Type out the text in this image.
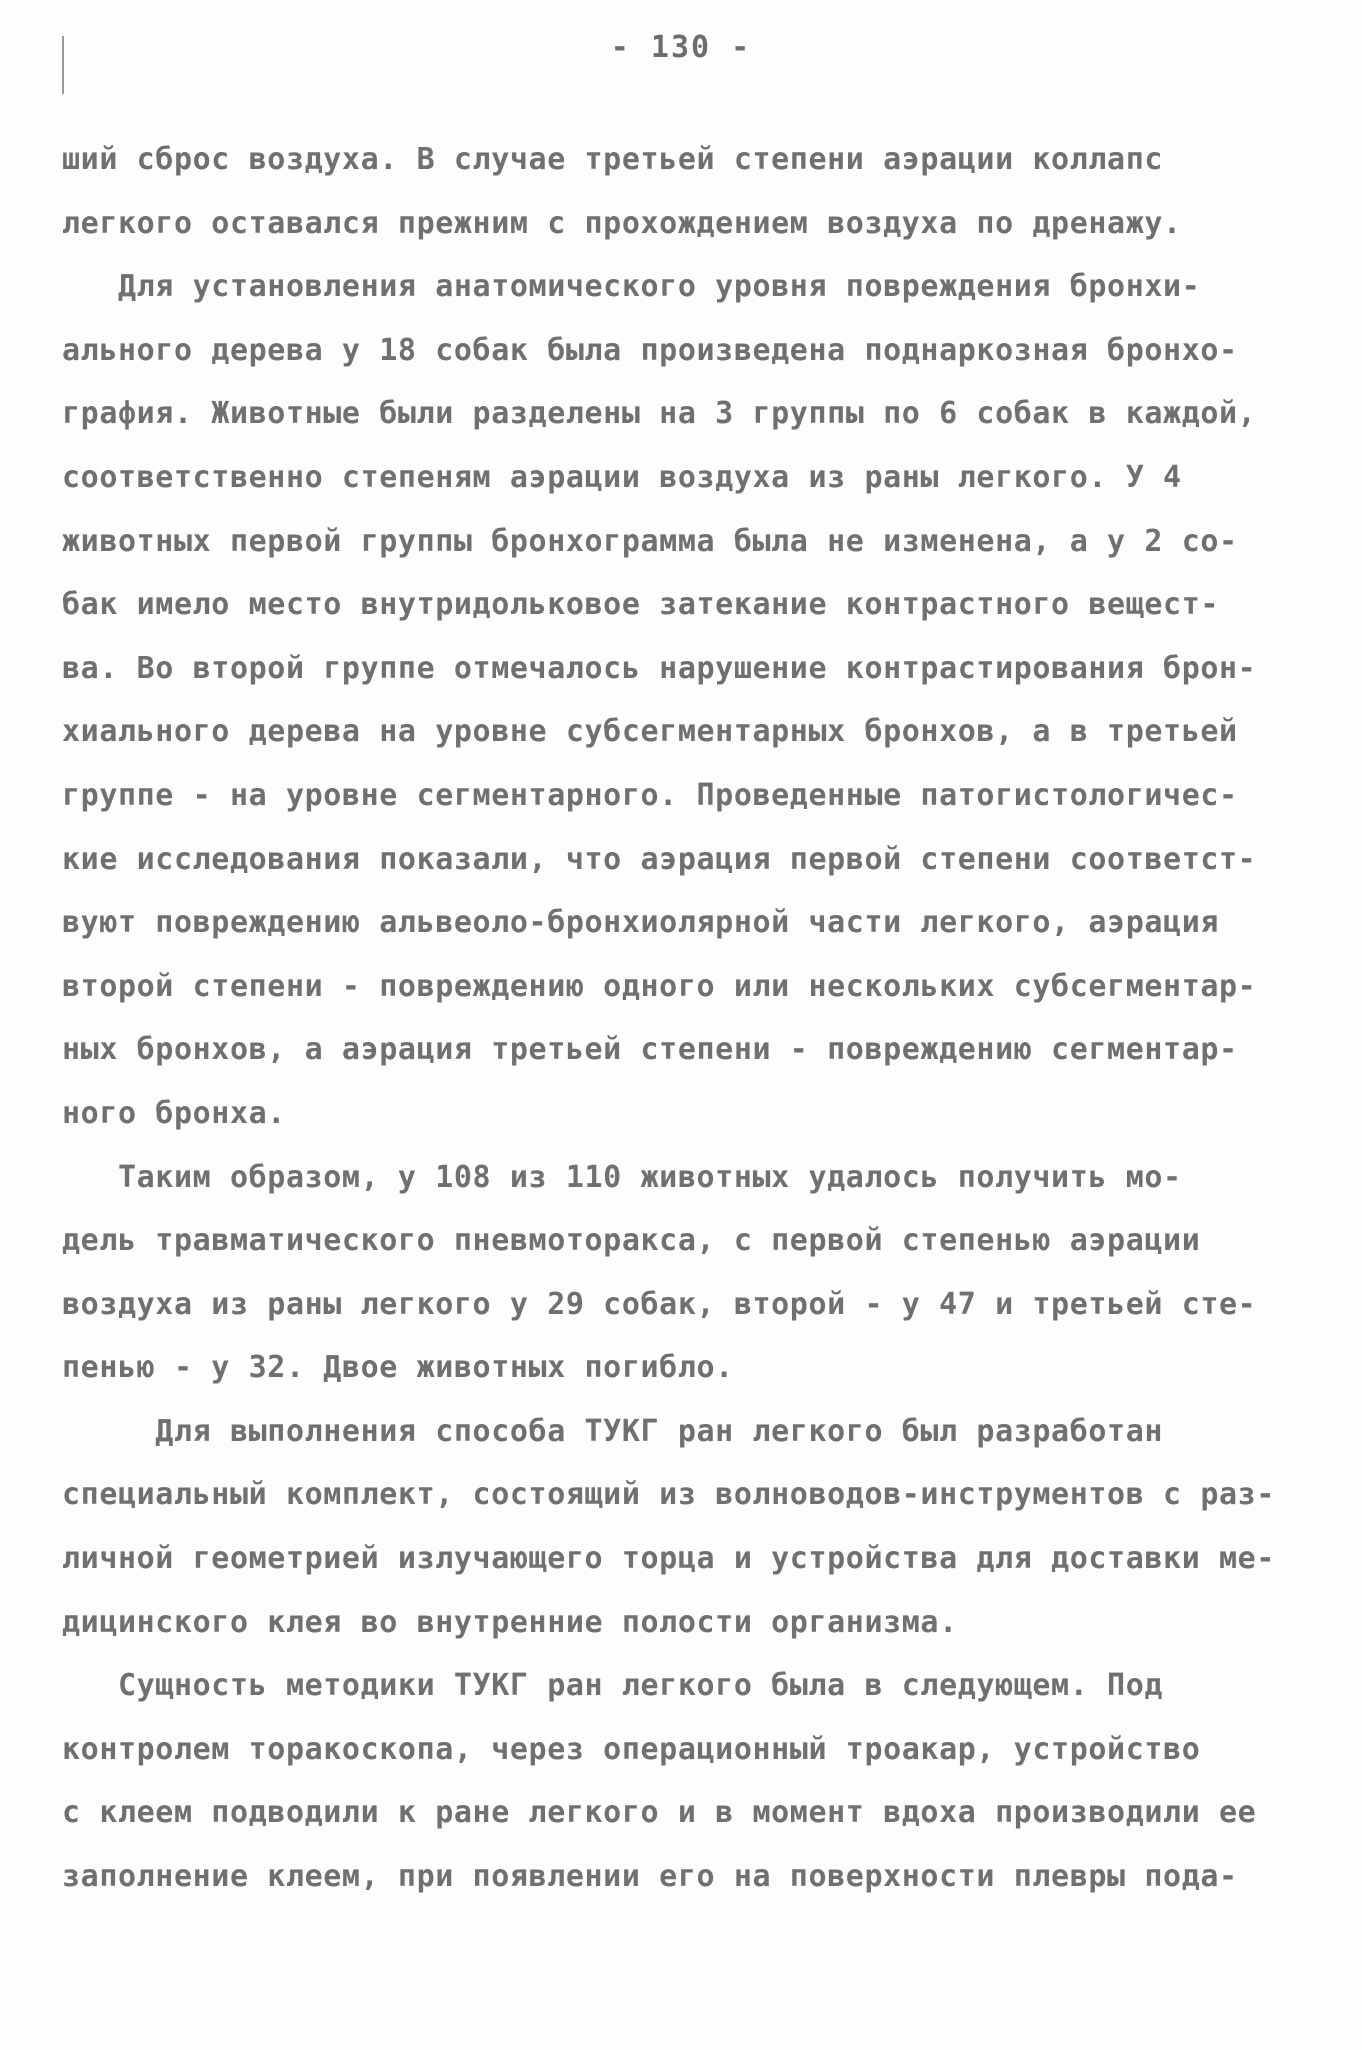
- 130 -
ший сброс воздуха. В случае третьей степени аэрации коллапс
легкого оставался прежним с прохождением воздуха по дренажу.
Для установления анатомического уровня повреждения бронхи-
ального дерева у 18 собак была произведена поднаркозная бронхо-
графия. Животные были разделены на 3 группы по 6 собак в каждой,
соответственно степеням аэрации воздуха из раны легкого. У 4
животных первой группы бронхограмма была не изменена, а у 2 со-
бак имело место внутридольковое затекание контрастного вещест-
ва. Во второй группе отмечалось нарушение контрастирования брон-
хиального дерева на уровне субсегментарных бронхов, а в третьей
группе - на уровне сегментарного. Проведенные патогистологичес-
кие исследования показали, что аэрация первой степени соответст-
вуют повреждению альвеоло-бронхиолярной части легкого, аэрация
второй степени - повреждению одного или нескольких субсегментар-
ных бронхов, а аэрация третьей степени - повреждению сегментар-
ного бронха.
Таким образом, у 108 из 110 животных удалось получить мо-
дель травматического пневмоторакса, с первой степенью аэрации
воздуха из раны легкого у 29 собак, второй - у 47 и третьей сте-
пенью - у 32. Двое животных погибло.
Для выполнения способа ТУКГ ран легкого был разработан
специальный комплект, состоящий из волноводов-инструментов с раз-
личной геометрией излучающего торца и устройства для доставки ме-
дицинского клея во внутренние полости организма.
Сущность методики ТУКГ ран легкого была в следующем. Под
контролем торакоскопа, через операционный троакар, устройство
с клеем подводили к ране легкого и в момент вдоха производили ее
заполнение клеем, при появлении его на поверхности плевры пода-
